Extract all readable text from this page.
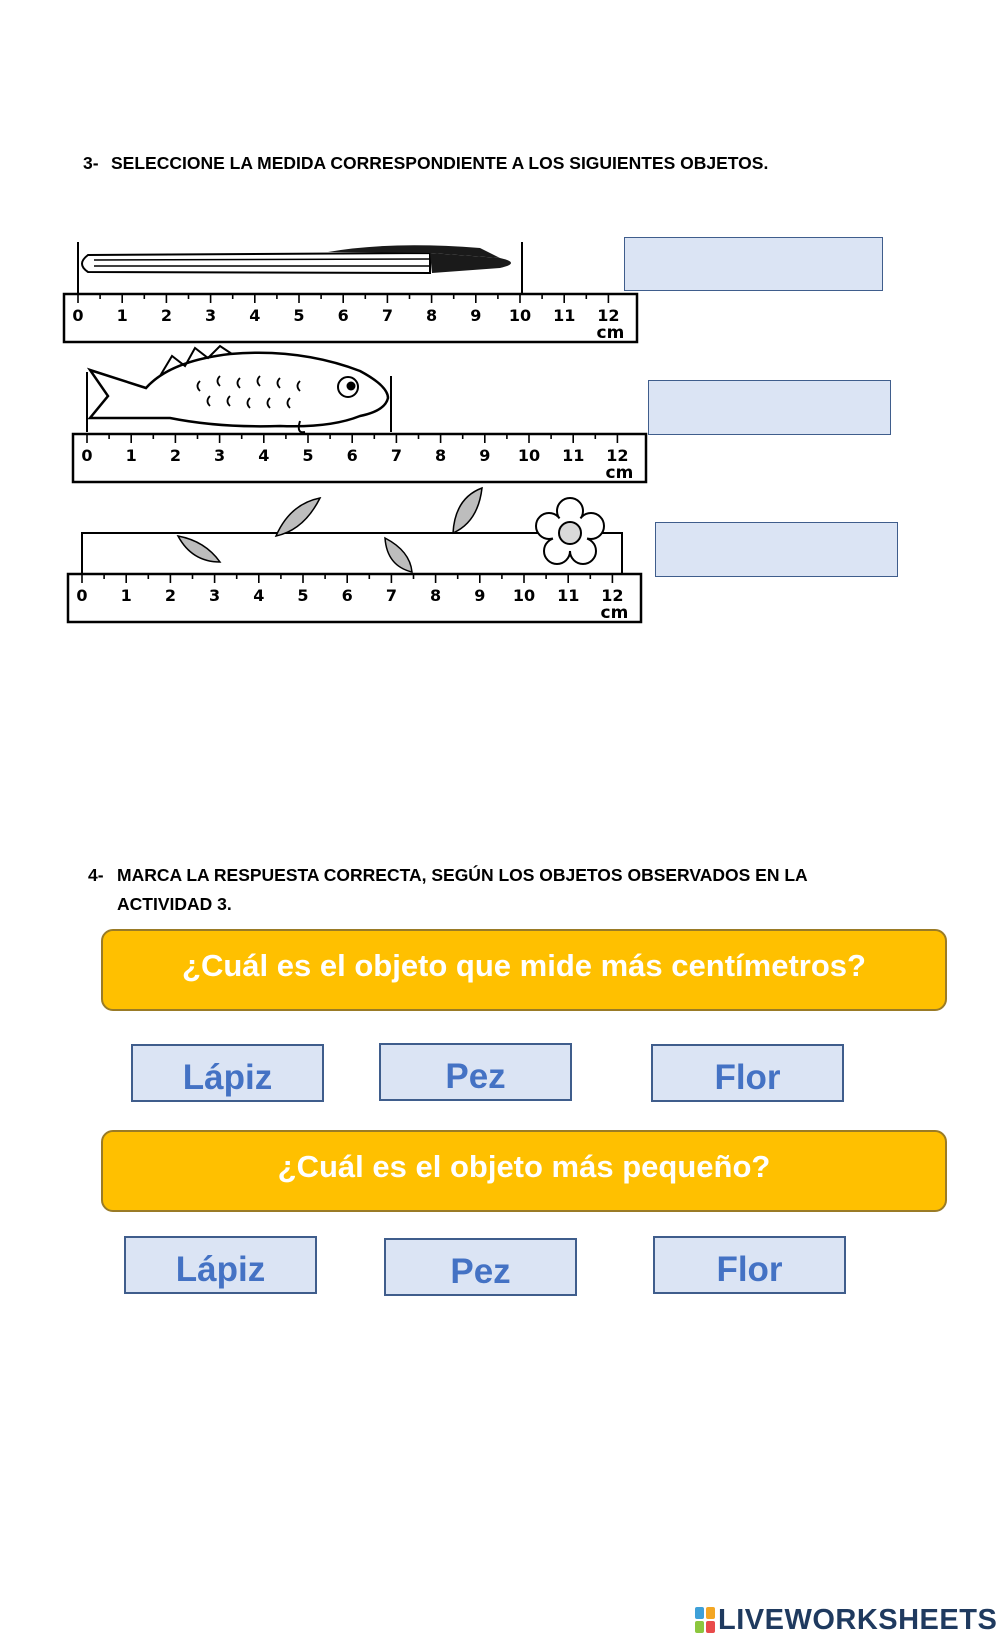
3- SELECCIONE LA MEDIDA CORRESPONDIENTE A LOS SIGUIENTES OBJETOS.
0 1 2 3 4 5 6 7 8 9 10 11 12
cm
0 1 2 3 4 5 6 7 8 9 10 11 12
cm
0 1 2 3 4 5 6 7 8 9 10 11 12
cm
4- MARCA LA RESPUESTA CORRECTA, SEGÚN LOS OBJETOS OBSERVADOS EN LA
ACTIVIDAD 3.
¿Cuál es el objeto que mide más centímetros?
Lápiz	Pez	Flor
¿Cuál es el objeto más pequeño?
Lápiz	Pez	Flor
LIVEWORKSHEETS
